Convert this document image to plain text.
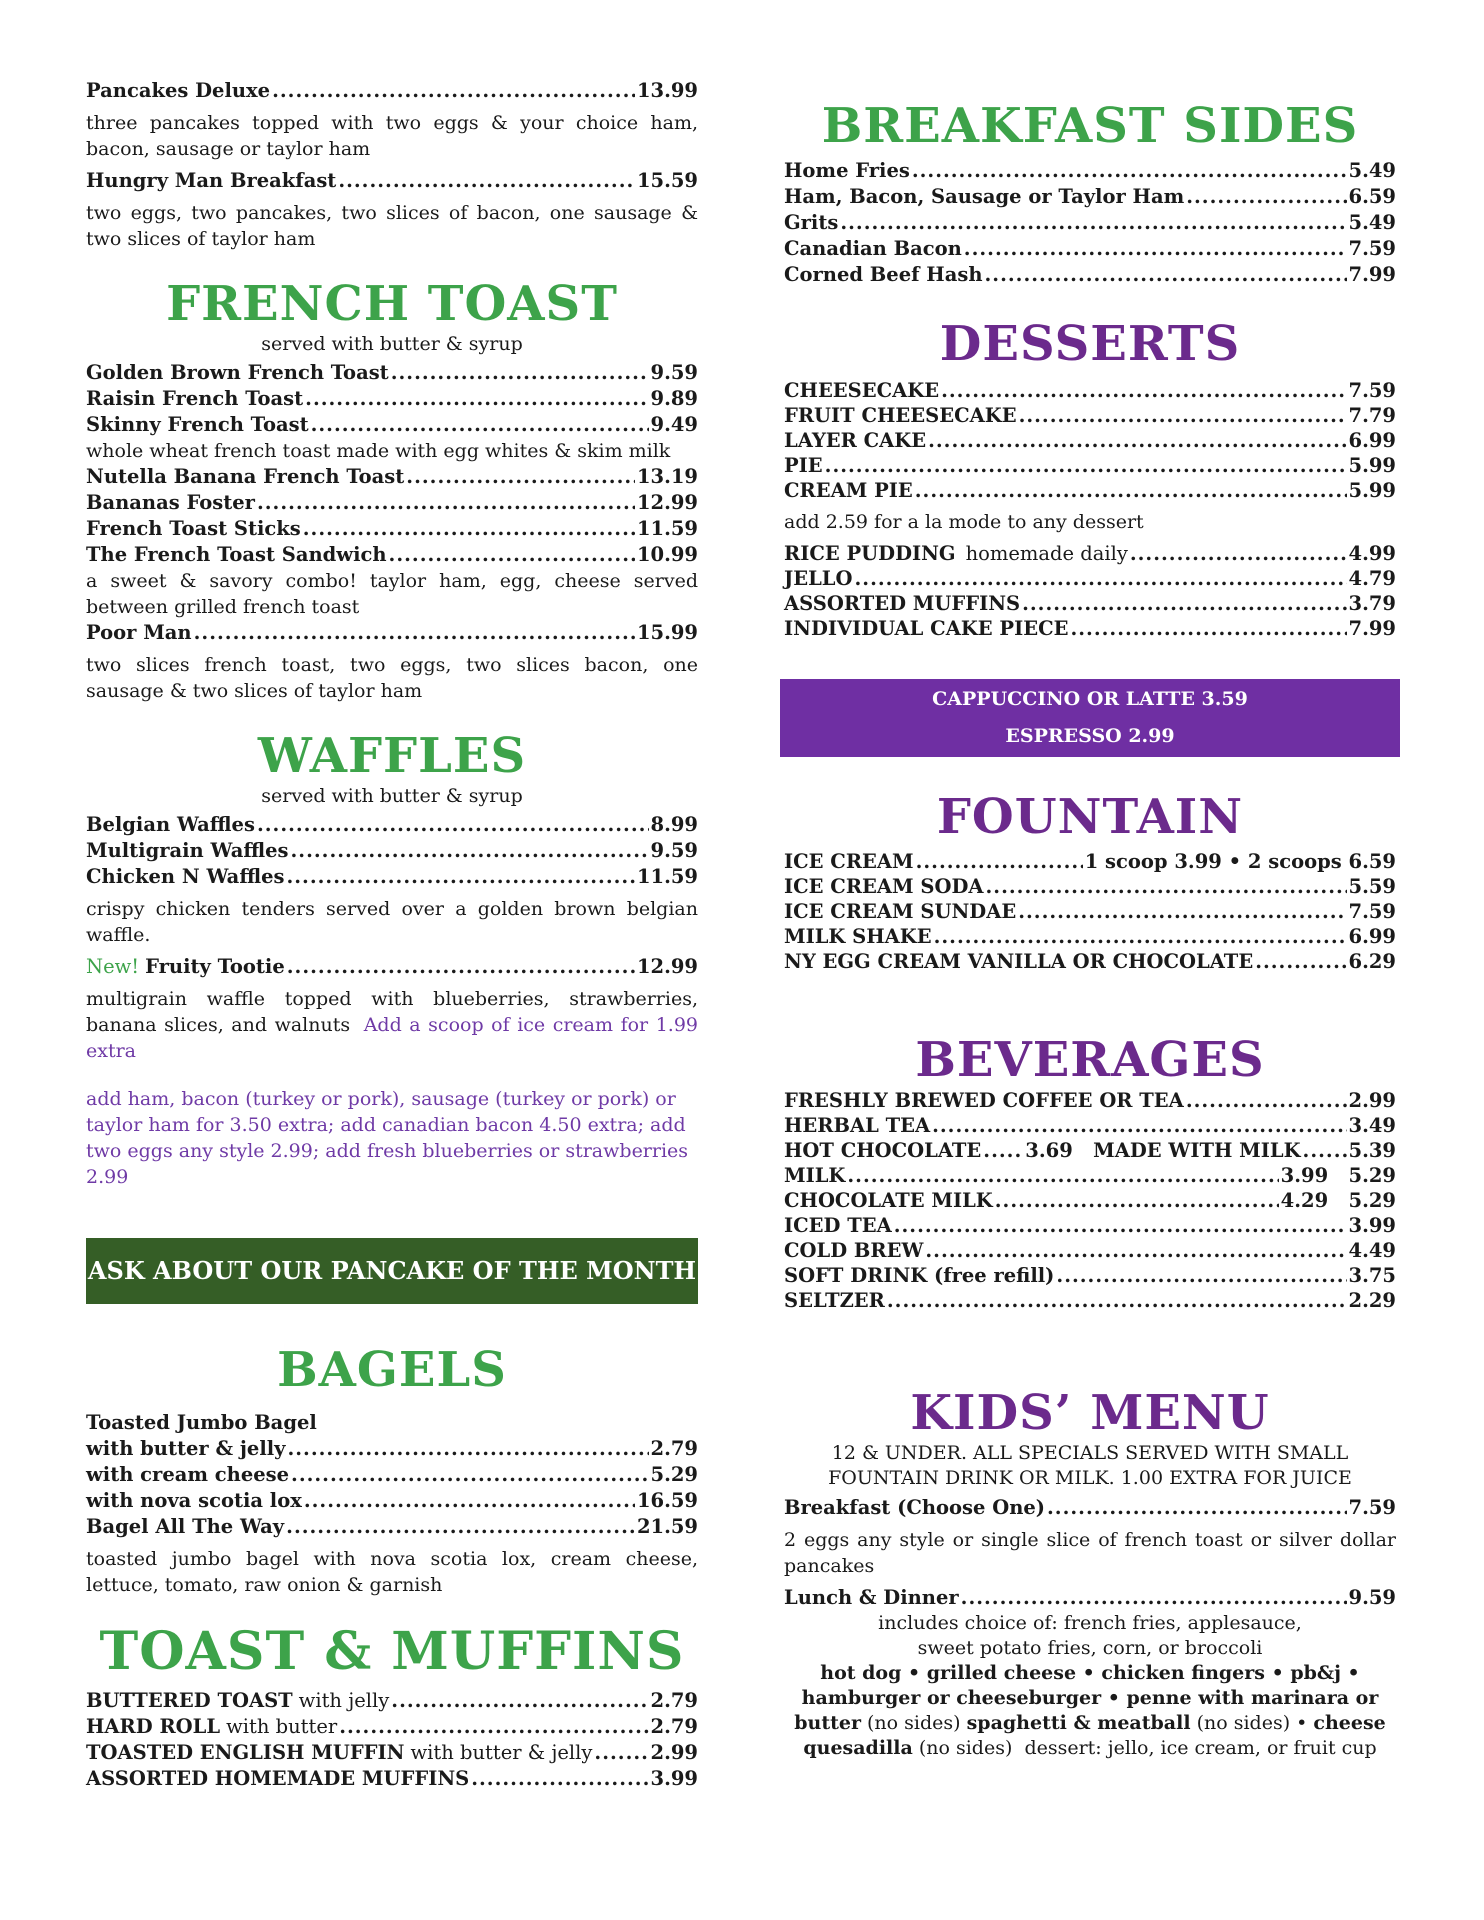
Pancakes Deluxe .....	13.99
three pancakes topped with two eggs & your choice ham, bacon, sausage or taylor ham
Hungry Man Breakfast .....	15.59
two eggs, two pancakes, two slices of bacon, one sausage & two slices of taylor ham
FRENCH TOAST
served with butter & syrup
Golden Brown French Toast .....	9.59
Raisin French Toast .....	9.89
Skinny French Toast .....	9.49
whole wheat french toast made with egg whites & skim milk
Nutella Banana French Toast .....	13.19
Bananas Foster .....	12.99
French Toast Sticks .....	11.59
The French Toast Sandwich .....	10.99
a sweet & savory combo! taylor ham, egg, cheese served between grilled french toast
Poor Man .....	15.99
two slices french toast, two eggs, two slices bacon, one sausage & two slices of taylor ham
WAFFLES
served with butter & syrup
Belgian Waffles .....	8.99
Multigrain Waffles .....	9.59
Chicken N Waffles .....	11.59
crispy chicken tenders served over a golden brown belgian waffle.
New! Fruity Tootie .....	12.99
multigrain waffle topped with blueberries, strawberries, banana slices, and walnuts Add a scoop of ice cream for 1.99 extra
add ham, bacon (turkey or pork), sausage (turkey or pork) or taylor ham for 3.50 extra; add canadian bacon 4.50 extra; add two eggs any style 2.99; add fresh blueberries or strawberries 2.99
ASK ABOUT OUR PANCAKE OF THE MONTH
BAGELS
Toasted Jumbo Bagel
with butter & jelly .....	2.79
with cream cheese .....	5.29
with nova scotia lox .....	16.59
Bagel All The Way .....	21.59
toasted jumbo bagel with nova scotia lox, cream cheese, lettuce, tomato, raw onion & garnish
TOAST & MUFFINS
BUTTERED TOAST with jelly .....	2.79
HARD ROLL with butter .....	2.79
TOASTED ENGLISH MUFFIN with butter & jelly .....	2.99
ASSORTED HOMEMADE MUFFINS .....	3.99
BREAKFAST SIDES
Home Fries .....	5.49
Ham, Bacon, Sausage or Taylor Ham .....	6.59
Grits .....	5.49
Canadian Bacon .....	7.59
Corned Beef Hash .....	7.99
DESSERTS
CHEESECAKE .....	7.59
FRUIT CHEESECAKE .....	7.79
LAYER CAKE .....	6.99
PIE .....	5.99
CREAM PIE .....	5.99
add 2.59 for a la mode to any dessert
RICE PUDDING homemade daily .....	4.99
JELLO .....	4.79
ASSORTED MUFFINS .....	3.79
INDIVIDUAL CAKE PIECE .....	7.99
CAPPUCCINO OR LATTE 3.59
ESPRESSO 2.99
FOUNTAIN
ICE CREAM .....	1 scoop 3.99 • 2 scoops 6.59
ICE CREAM SODA .....	5.59
ICE CREAM SUNDAE .....	7.59
MILK SHAKE .....	6.99
NY EGG CREAM VANILLA OR CHOCOLATE .....	6.29
BEVERAGES
FRESHLY BREWED COFFEE OR TEA .....	2.99
HERBAL TEA .....	3.49
HOT CHOCOLATE ..... 3.69   MADE WITH MILK ..... 5.39
MILK .....	3.99   5.29
CHOCOLATE MILK .....	4.29   5.29
ICED TEA .....	3.99
COLD BREW .....	4.49
SOFT DRINK (free refill) .....	3.75
SELTZER .....	2.29
KIDS’ MENU
12 & UNDER. ALL SPECIALS SERVED WITH SMALL
FOUNTAIN DRINK OR MILK. 1.00 EXTRA FOR JUICE
Breakfast (Choose One) .....	7.59
2 eggs any style or single slice of french toast or silver dollar pancakes
Lunch & Dinner .....	9.59
includes choice of: french fries, applesauce,
sweet potato fries, corn, or broccoli
hot dog • grilled cheese • chicken fingers • pb&j •
hamburger or cheeseburger • penne with marinara or
butter (no sides) spaghetti & meatball (no sides) • cheese
quesadilla (no sides)  dessert: jello, ice cream, or fruit cup
